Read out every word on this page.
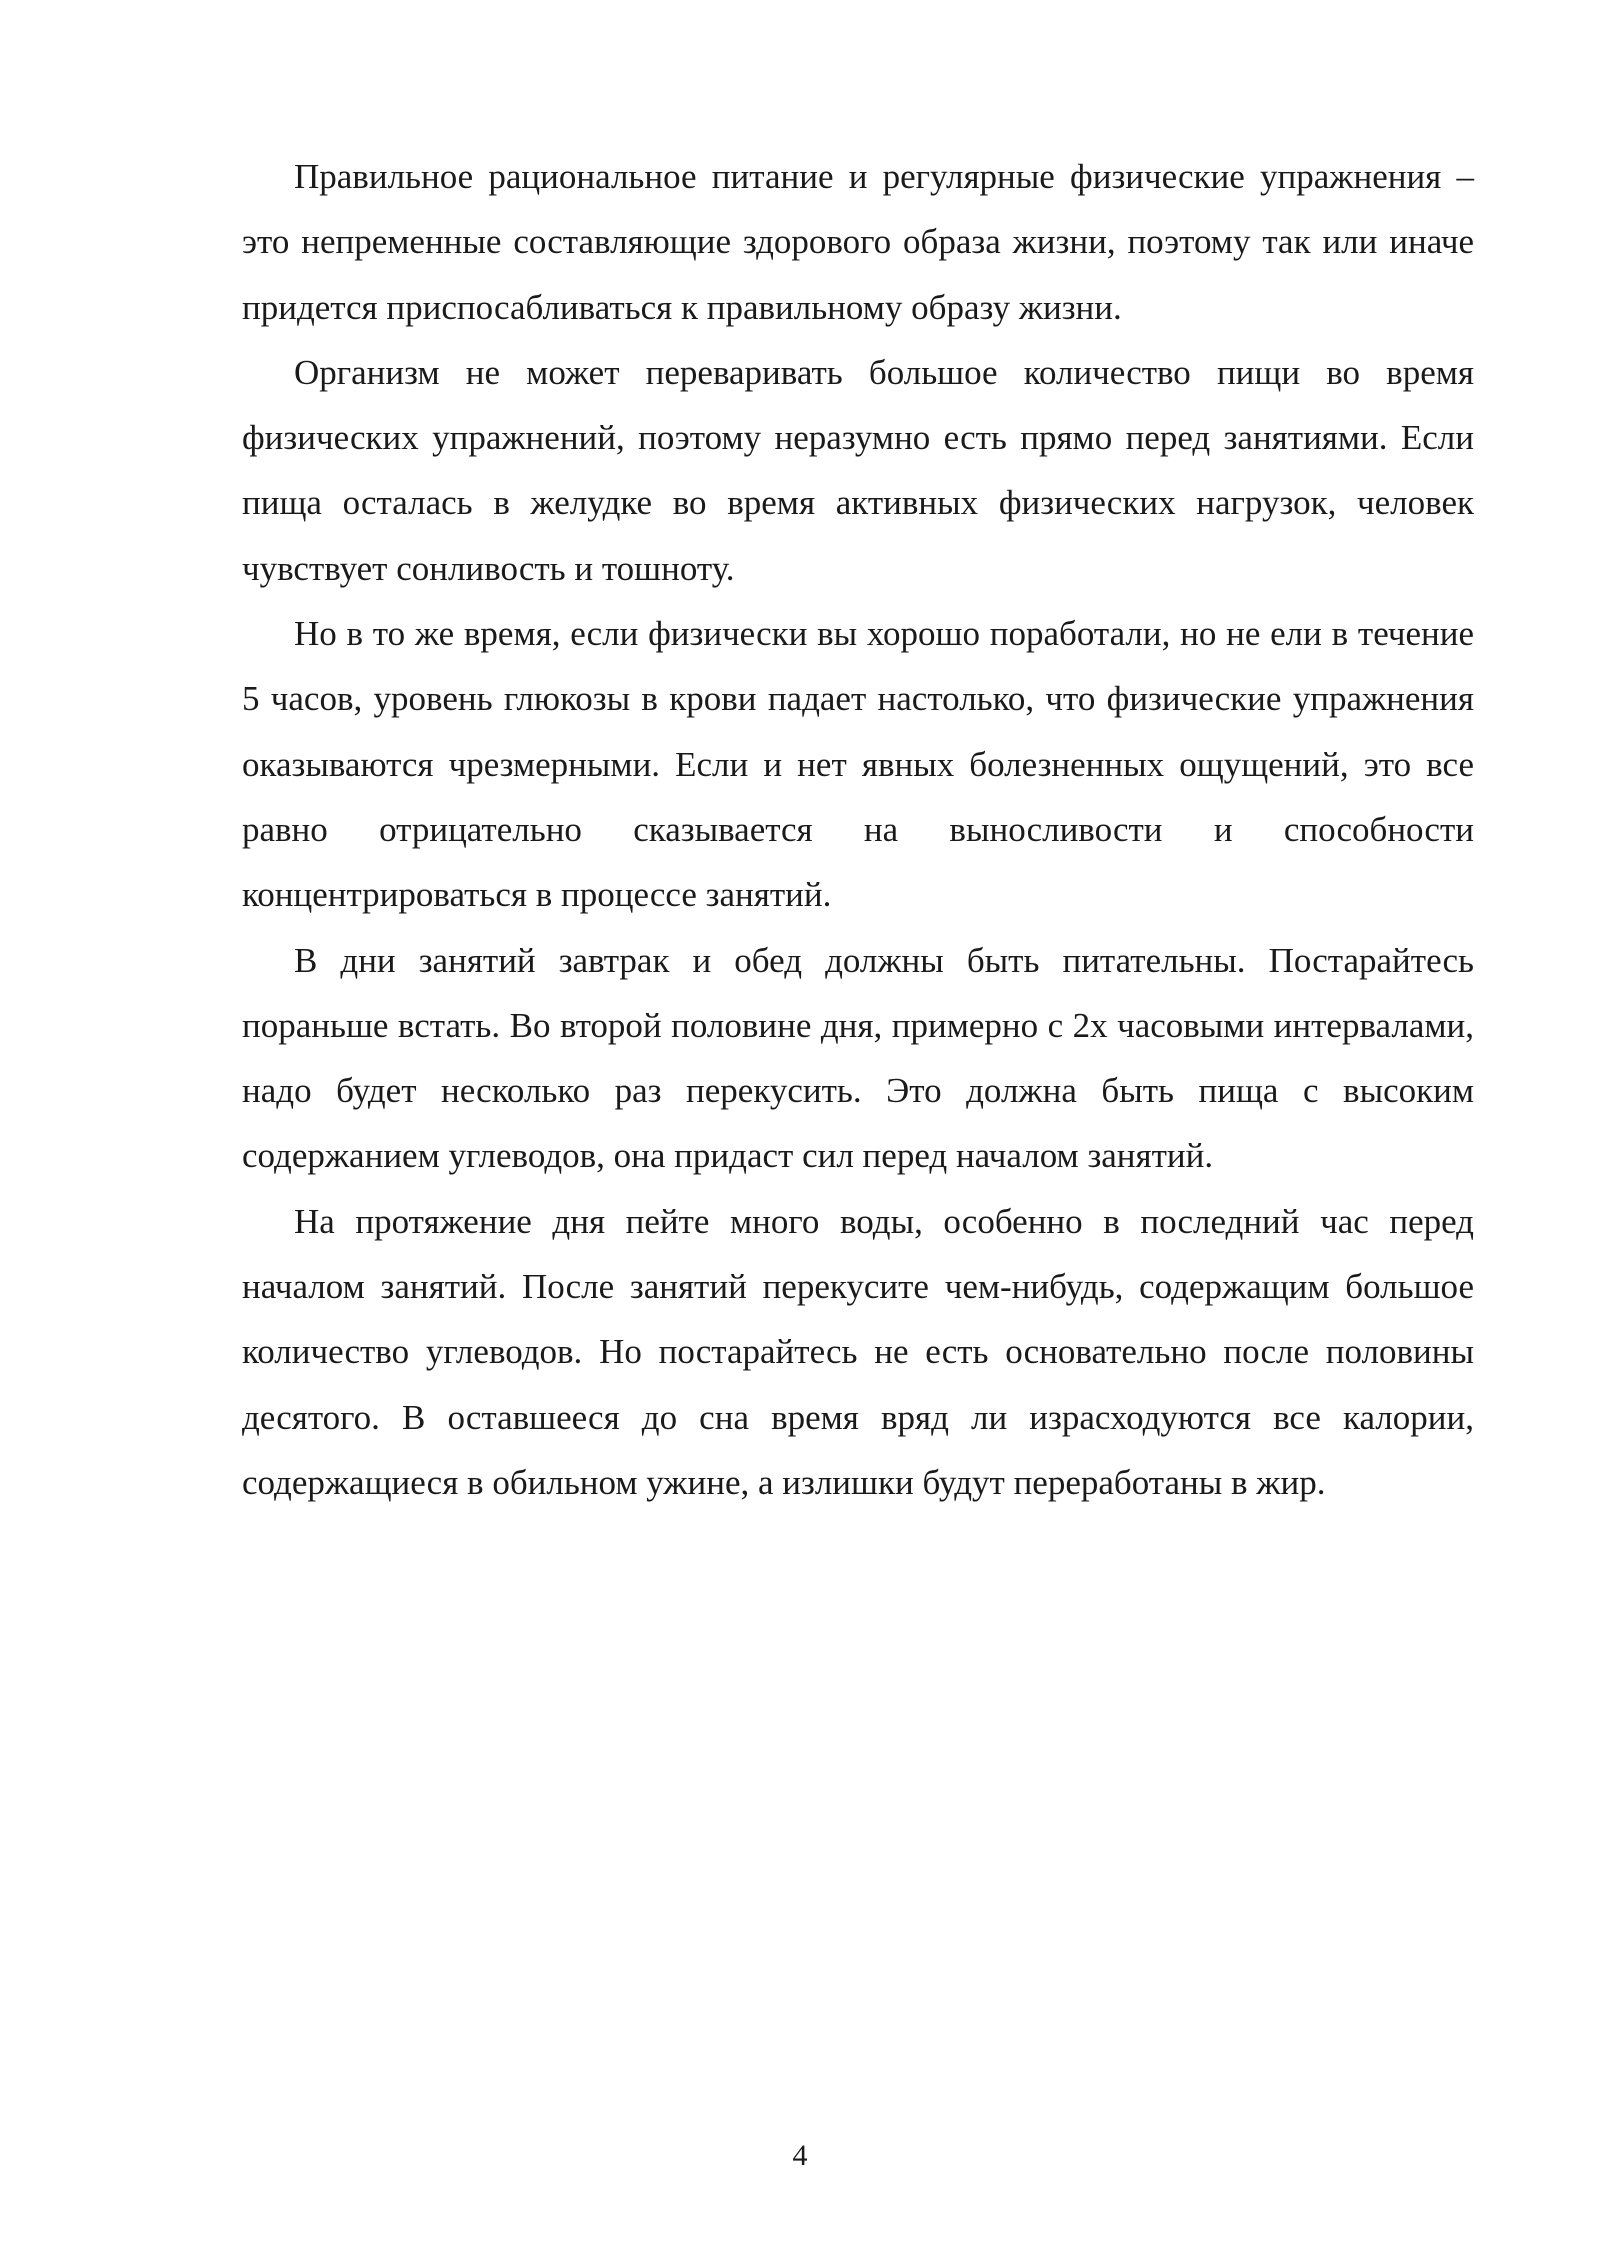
Правильное рациональное питание и регулярные физические упражнения – это непременные составляющие здорового образа жизни, поэтому так или иначе придется приспосабливаться к правильному образу жизни.

Организм не может переваривать большое количество пищи во время физических упражнений, поэтому неразумно есть прямо перед занятиями. Если пища осталась в желудке во время активных физических нагрузок, человек чувствует сонливость и тошноту.

Но в то же время, если физически вы хорошо поработали, но не ели в течение 5 часов, уровень глюкозы в крови падает настолько, что физические упражнения оказываются чрезмерными. Если и нет явных болезненных ощущений, это все равно отрицательно сказывается на выносливости и способности концентрироваться в процессе занятий.

В дни занятий завтрак и обед должны быть питательны. Постарайтесь пораньше встать. Во второй половине дня, примерно с 2х часовыми интервалами, надо будет несколько раз перекусить. Это должна быть пища с высоким содержанием углеводов, она придаст сил перед началом занятий.

На протяжение дня пейте много воды, особенно в последний час перед началом занятий. После занятий перекусите чем-нибудь, содержащим большое количество углеводов. Но постарайтесь не есть основательно после половины десятого. В оставшееся до сна время вряд ли израсходуются все калории, содержащиеся в обильном ужине, а излишки будут переработаны в жир.

4
